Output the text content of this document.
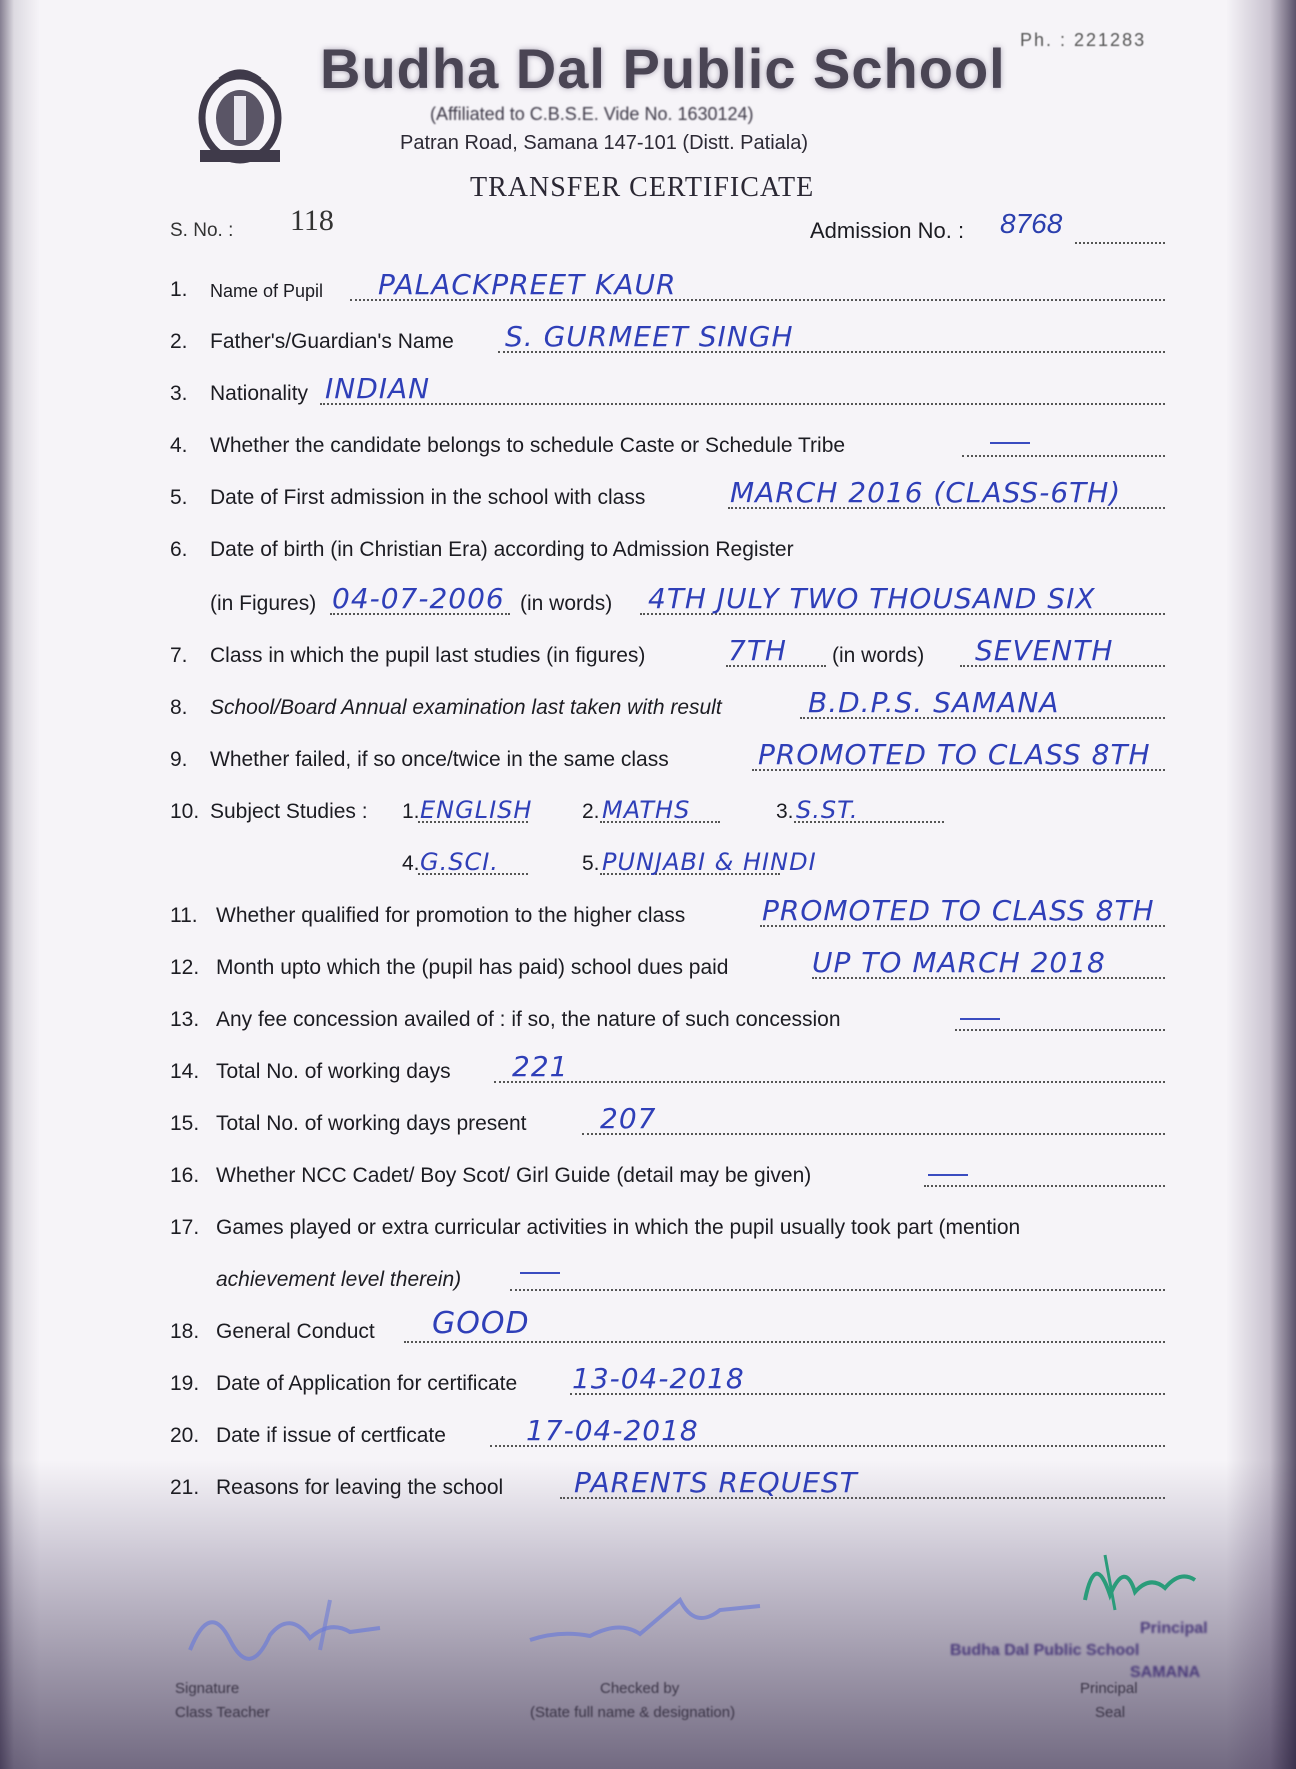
Budha Dal Public School Ph. : 221283
(Affiliated to C.B.S.E. Vide No. 1630124)
Patran Road, Samana 147-101 (Distt. Patiala)
TRANSFER CERTIFICATE
S. No. : 118	Admission No. : 8768
1. Name of Pupil PALACKPREET KAUR
2. Father's/Guardian's Name S. GURMEET SINGH
3. Nationality INDIAN
4. Whether the candidate belongs to schedule Caste or Schedule Tribe
5. Date of First admission in the school with class	MARCH 2016 (CLASS-6TH)
6. Date of birth (in Christian Era) according to Admission Register
(in Figures) 04-07-2006 (in words) 4TH JULY TWO THOUSAND SIX
7. Class in which the pupil last studies (in figures)	7TH (in words) SEVENTH
8. School/Board Annual examination last taken with result	B.D.P.S. SAMANA
9. Whether failed, if so once/twice in the same class	PROMOTED TO CLASS 8TH
10. Subject Studies : 1. ENGLISH 2. MATHS	3. S.ST.
4. G.SCI.	5. PUNJABI & HINDI
11. Whether qualified for promotion to the higher class	PROMOTED TO CLASS 8TH
12. Month upto which the (pupil has paid) school dues paid	UP TO MARCH 2018
13. Any fee concession availed of : if so, the nature of such concession
14. Total No. of working days 221
15. Total No. of working days present	207
16. Whether NCC Cadet/ Boy Scot/ Girl Guide (detail may be given)
17. Games played or extra curricular activities in which the pupil usually took part (mention
achievement level therein)
18. General Conduct GOOD
19. Date of Application for certificate 13-04-2018
20. Date if issue of certficate	17-04-2018
21. Reasons for leaving the school	PARENTS REQUEST
Principal
Budha Dal Public School
SAMANA
Signature
Class Teacher
Checked by
(State full name & designation)
Principal
Seal
